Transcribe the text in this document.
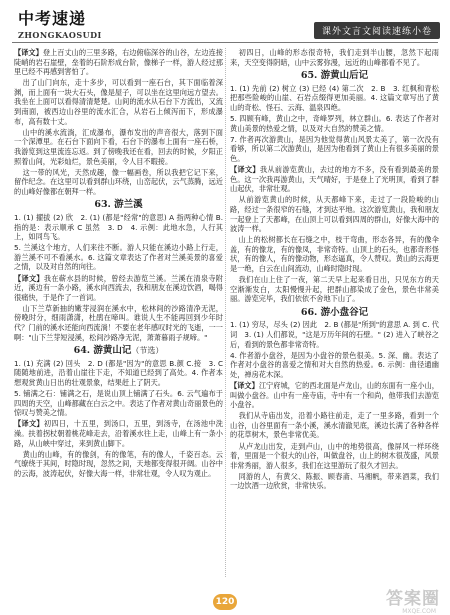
中考速递
ZHONGKAOSUDI	课外文言文阅读速练小卷

【译文】登上百丈山的三里多路，右边俯临深谷的山谷，左边连接陡峭的岩石崖壁，垒着的石阶形成台阶，像梯子一样，游人经过那里已经不再感到害怕了。

出了山门向东，走十多步，可以看到一座石台，其下面临着深渊，而上面有一块大石头，像是屋子，可以坐在这里向远方望去。我坐在上面可以看得清清楚楚。山间的流水从石台下方流出，又流到南面，被西边山谷里的流水汇合，从岩石上倾泻而下，形成瀑布，高有数十丈。

山中的溪水流淌，汇成瀑布，瀑布发出的声音很大，落到下面一个深潭里。在石台下面向下看，石台下的瀑布上面有一座石桥，我游览到这里流连忘返。到了傍晚我还在看，回去的时候，夕阳正照着山间，光彩灿烂，景色美丽，令人目不暇接。

这一带的风光，天然成趣，像一幅画卷，所以我把它记下来，留作纪念。在这里可以看到群山环绕，山峦起伏，云气蒸腾，远近的山峰好像都在朝拜一样。

63. 游兰溪

1. (1) 擢拔 (2) 欣　2. (1) (都是"经常"的意思) A 指两种心情 B. 指的是：表示顺承 C 虽然　3. D　4. 示例：此地水急，人行其上，如同鸟飞。

5. 兰溪这个地方，人们来往不断。游人只能在溪边小路上行走，游兰溪不可不看溪水。6. 这篇文章表达了作者对兰溪美景的喜爱之情，以及对自然的向往。

【译文】我在蕲水县的时候，曾经去游览兰溪。兰溪在清泉寺附近，溪边有一条小路，溪水向西流去，我和朋友在溪边饮酒，喝得很痛快，于是作了一首词。

山下兰草新抽的嫩芽浸润在溪水中，松林间的沙路清净无泥，傍晚时分，细雨潇潇，杜鹃在啼叫。谁说人生不能再回到少年时代？门前的溪水还能向西流淌！不要在老年感叹时光的飞逝，一一啊："山下兰芽短浸溪，松间沙路净无泥，萧萧暮雨子规啼。"

64. 游黄山记（节选）

1. (1) 充满 (2) 回头　2. D (都是"因为"的意思 B.颜 C.接　3. C 随随地前进，沿着山崖往下走，不知道已经到了高处。4. 作者本想观赏黄山日出的壮观景象，结果赶上了阴天。

5. 铺满之石：铺满之石，是说山顶上铺满了石头。6. 云气遍布于四周的天空，山峰都藏在白云之中。表达了作者对黄山奇丽景色的惊叹与赞美之情。

【译文】初四日，十五里，到汤口，五里，到汤寺，在汤池中洗澡。扶着拐杖朝着桃花峰走去，沿着溪水往上走，山峰上有一条小路，从山峡中穿过，来到黄山脚下。

黄山的山峰，有的像剑，有的像笔，有的像人，千姿百态。云气缭绕于其间，时隐时现，忽然之间，天地都变得很开阔。山谷中的云海，波涛起伏，好像大海一样，非常壮观，令人叹为观止。

初四日，山峰的形态很奇特，我们走到半山腰，忽然下起雨来，天空变得阴暗，山中云雾弥漫，远近的山峰都看不见了。

65. 游黄山后记

1. (1) 先前 (2) 树立 (3) 已经 (4) 第二次　2. B　3. 红枫和青松把那些险峻的山崖、石岩点缀得更加美丽。4. 这篇文章写出了黄山的奇松、怪石、云海、温泉四绝。

5. 四顾有峰，黄山之中，奇峰罗列，林立群山。6. 表达了作者对黄山美景的热爱之情，以及对大自然的赞美之情。

7. 作者再次游黄山，是因为他觉得黄山风景太美了，第一次没有看够，所以第二次游黄山，是因为他看到了黄山上有很多美丽的景色。

【译文】我从前游览黄山，去过的地方不多，没有看到最美的景色。这一次我再游黄山，天气晴好，于是登上了光明顶，看到了群山起伏，非常壮观。

从前游览黄山的时候，从天都峰下来，走过了一段险峻的山路，经过一条很窄的石缝，才到达平地。这次游览黄山，我和朋友一起登上了天都峰，在山顶上可以看到四周的群山，好像大海中的波涛一样。

山上的松树都长在石缝之中，枝干弯曲，形态各异，有的像伞盖，有的像龙，有的像凤，非常奇特。山顶上的石头，也都奇形怪状，有的像人，有的像动物，形态逼真，令人赞叹。黄山的云海更是一绝，白云在山间流动，山峰时隐时现。

我们在山上住了一夜，第二天早上起来看日出，只见东方的天空渐渐发白，太阳慢慢升起，把群山都染成了金色，景色非常美丽。游览完毕，我们依依不舍地下山了。

66. 游小盘谷记

1. (1) 穷尽，尽头 (2) 因此　2. B (都是"所到"的意思 A. 到 C. 代词　3. (1) 人们都说，"这是万历年间的石壁。" (2) 进入了峡谷之后，看到的景色都非常奇特。

4. 作者游小盘谷，是因为小盘谷的景色很美。5. 深、幽。表达了作者对小盘谷的喜爱之情和对大自然的热爱。6. 示例：曲径通幽处，禅房花木深。

【译文】江宁府城，它的西北面是卢龙山，山的东面有一座小山，叫做小盘谷。山中有一座寺庙，寺中有一个和尚，他带我们去游览小盘谷。

我们从寺庙出发，沿着小路往前走，走了一里多路，看到一个山谷，山谷里面有一条小溪，溪水清澈见底，溪边长满了各种各样的花草树木，景色非常优美。

从卢龙山出发，走到卢山，山中的地势很高，像屏风一样环绕着，里面是一个很大的山谷，叫做盘谷，山上的树木很茂盛，风景非常秀丽，游人很多，我们在这里游玩了很久才回去。

同游的人，有黄父、陈振、顾春斋、马湘帆，带来酒菜，我们一边饮酒一边欣赏，非常快乐。

120	答案圈
MXQE.COM
